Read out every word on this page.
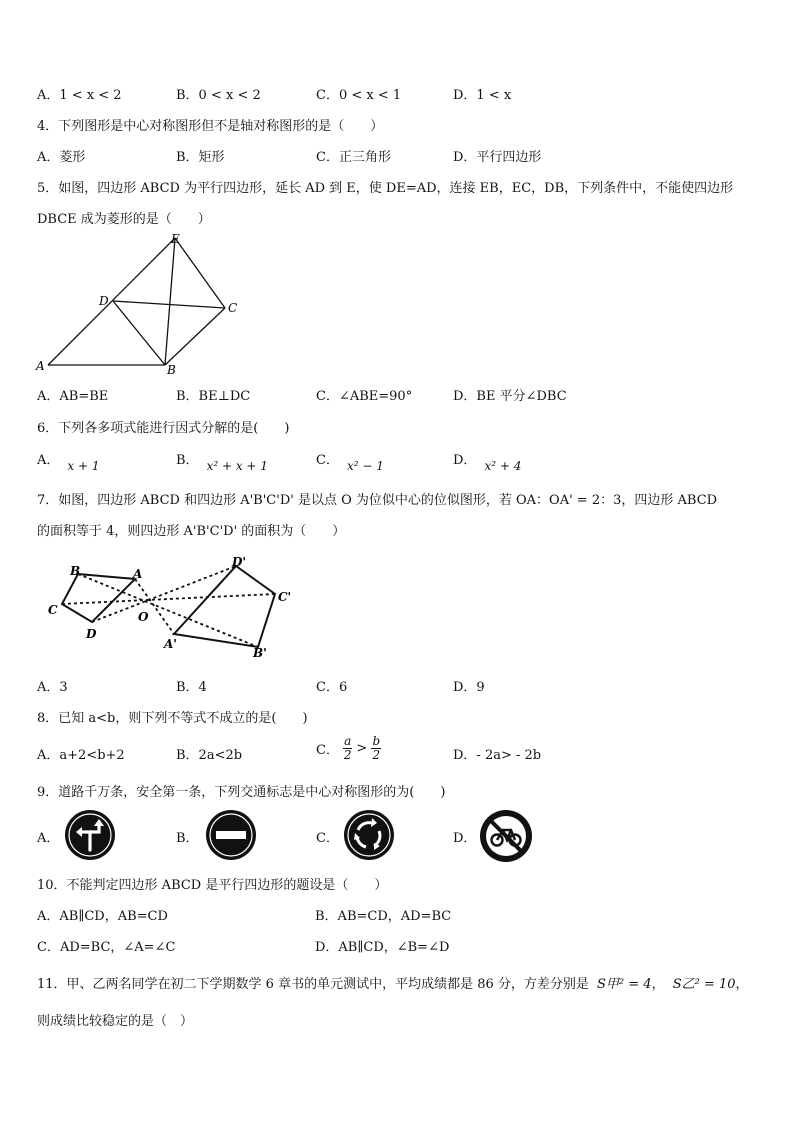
A．1 < x < 2	B．0 < x < 2	C．0 < x < 1	D．1 < x
4．下列图形是中心对称图形但不是轴对称图形的是（　　）
A．菱形	B．矩形	C．正三角形	D．平行四边形
5．如图，四边形 ABCD 为平行四边形，延长 AD 到 E，使 DE=AD，连接 EB，EC，DB，下列条件中，不能使四边形
DBCE 成为菱形的是（　　）
E
D	C
A	B
A．AB=BE	B．BE⊥DC	C．∠ABE=90°	D．BE 平分∠DBC
6．下列各多项式能进行因式分解的是(　　)
A． x + 1	B． x² + x + 1	C． x² − 1	D． x² + 4
7．如图，四边形 ABCD 和四边形 A'B'C'D' 是以点 O 为位似中心的位似图形，若 OA：OA' = 2：3，四边形 ABCD
的面积等于 4，则四边形 A'B'C'D' 的面积为（　　）
B	A
C
D
O
D'
C'
A'
B'
A．3	B．4	C．6	D．9
8．已知 a<b，则下列不等式不成立的是(　　)
A．a+2<b+2	B．2a<2b	C． $\frac{a}{2} > \frac{b}{2}$	D．- 2a> - 2b
9．道路千万条，安全第一条，下列交通标志是中心对称图形的为(　　)
A．	B．	C．	D．
10．不能判定四边形 ABCD 是平行四边形的题设是（　　）
A．AB∥CD，AB=CD	B．AB=CD，AD=BC
C．AD=BC，∠A=∠C	D．AB∥CD，∠B=∠D
11．甲、乙两名同学在初二下学期数学 6 章书的单元测试中，平均成绩都是 86 分，方差分别是 S甲² = 4， S乙² = 10，
则成绩比较稳定的是（　）
